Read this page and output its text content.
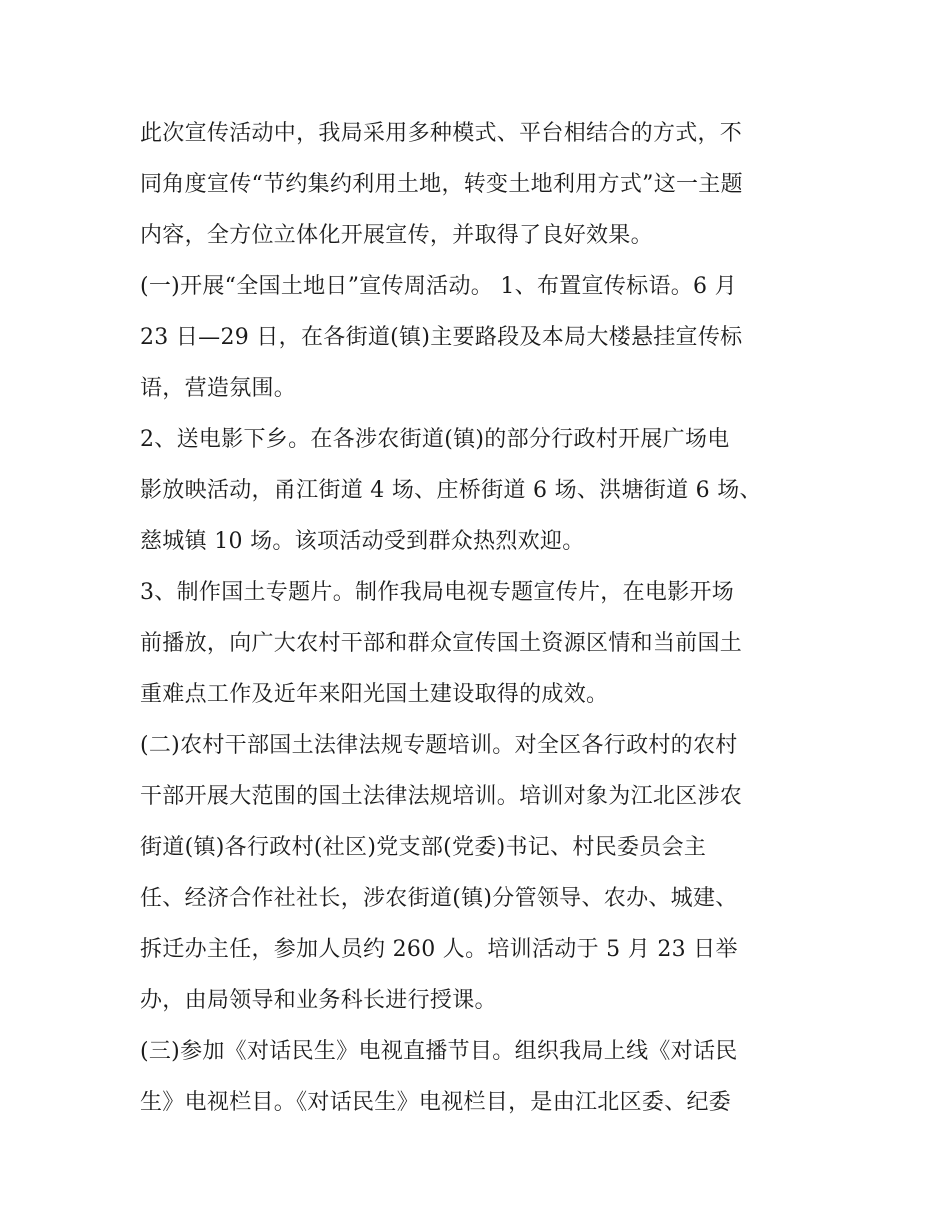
此次宣传活动中，我局采用多种模式、平台相结合的方式，不
同角度宣传“节约集约利用土地，转变土地利用方式”这一主题
内容，全方位立体化开展宣传，并取得了良好效果。
(一)开展“全国土地日”宣传周活动。 1、布置宣传标语。6 月
23 日—29 日，在各街道(镇)主要路段及本局大楼悬挂宣传标
语，营造氛围。
2、送电影下乡。在各涉农街道(镇)的部分行政村开展广场电
影放映活动，甬江街道 4 场、庄桥街道 6 场、洪塘街道 6 场、
慈城镇 10 场。该项活动受到群众热烈欢迎。
3、制作国土专题片。制作我局电视专题宣传片，在电影开场
前播放，向广大农村干部和群众宣传国土资源区情和当前国土
重难点工作及近年来阳光国土建设取得的成效。
(二)农村干部国土法律法规专题培训。对全区各行政村的农村
干部开展大范围的国土法律法规培训。培训对象为江北区涉农
街道(镇)各行政村(社区)党支部(党委)书记、村民委员会主
任、经济合作社社长，涉农街道(镇)分管领导、农办、城建、
拆迁办主任，参加人员约 260 人。培训活动于 5 月 23 日举
办，由局领导和业务科长进行授课。
(三)参加《对话民生》电视直播节目。组织我局上线《对话民
生》电视栏目。《对话民生》电视栏目，是由江北区委、纪委
